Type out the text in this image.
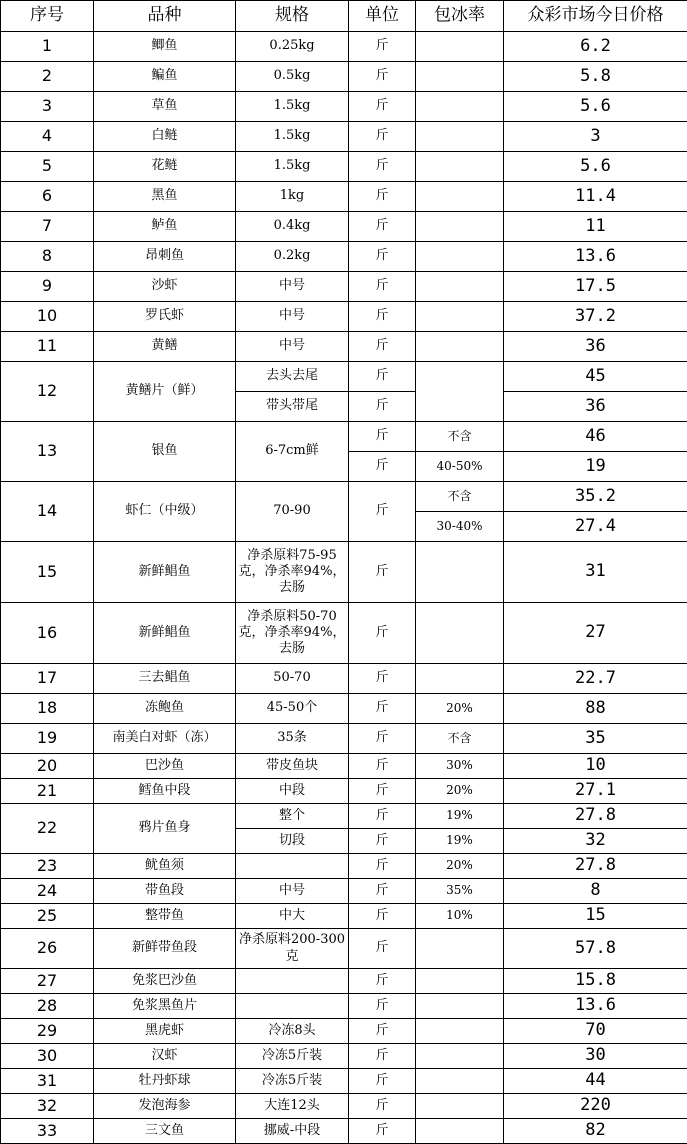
序号	品种	规格	单位	包冰率	众彩市场今日价格
1	鲫鱼	0.25kg	斤		6.2
2	鳊鱼	0.5kg	斤		5.8
3	草鱼	1.5kg	斤		5.6
4	白鲢	1.5kg	斤		3
5	花鲢	1.5kg	斤		5.6
6	黑鱼	1kg	斤		11.4
7	鲈鱼	0.4kg	斤		11
8	昂刺鱼	0.2kg	斤		13.6
9	沙虾	中号	斤		17.5
10	罗氏虾	中号	斤		37.2
11	黄鳝	中号	斤		36
12	黄鳝片（鲜）	去头去尾	斤		45
		带头带尾	斤		36
13	银鱼	6-7cm鲜	斤	不含	46
			斤	40-50%	19
14	虾仁（中级）	70-90	斤	不含	35.2
				30-40%	27.4
15	新鲜鲳鱼	净杀原料75-95克，净杀率94%，去肠	斤		31
16	新鲜鲳鱼	净杀原料50-70克，净杀率94%，去肠	斤		27
17	三去鲳鱼	50-70	斤		22.7
18	冻鲍鱼	45-50个	斤	20%	88
19	南美白对虾（冻）	35条	斤	不含	35
20	巴沙鱼	带皮鱼块	斤	30%	10
21	鳕鱼中段	中段	斤	20%	27.1
22	鸦片鱼身	整个	斤	19%	27.8
		切段	斤	19%	32
23	鱿鱼须		斤	20%	27.8
24	带鱼段	中号	斤	35%	8
25	整带鱼	中大	斤	10%	15
26	新鲜带鱼段	净杀原料200-300克	斤		57.8
27	免浆巴沙鱼		斤		15.8
28	免浆黑鱼片		斤		13.6
29	黑虎虾	冷冻8头	斤		70
30	汉虾	冷冻5斤装	斤		30
31	牡丹虾球	冷冻5斤装	斤		44
32	发泡海参	大连12头	斤		220
33	三文鱼	挪威-中段	斤		82
